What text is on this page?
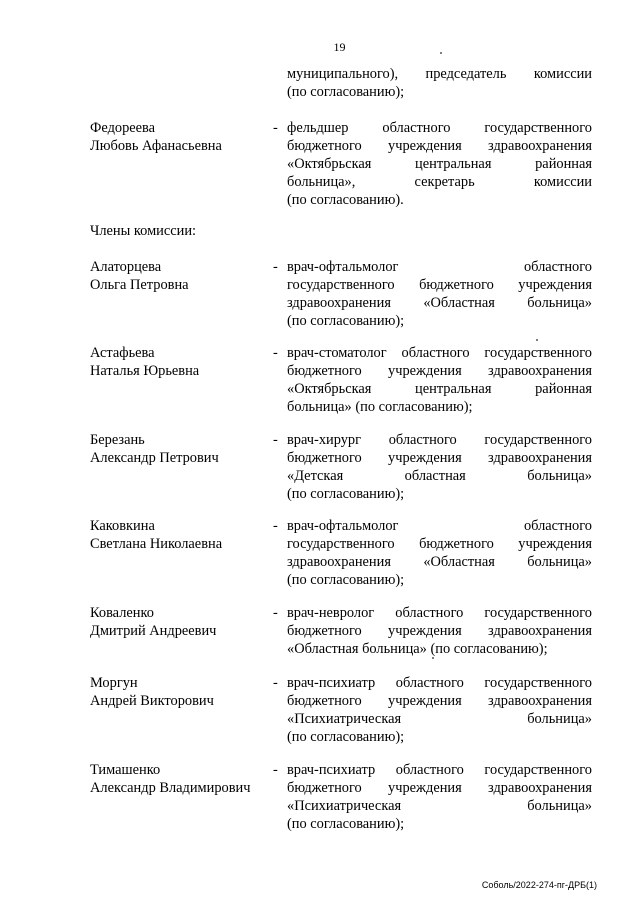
19
муниципального), председатель комиссии
(по согласованию);
Федореева
Любовь Афанасьевна
- фельдшер областного государственного
бюджетного учреждения здравоохранения
«Октябрьская центральная районная
больница», секретарь комиссии
(по согласованию).
Члены комиссии:
Алаторцева
Ольга Петровна
- врач-офтальмолог областного
государственного бюджетного учреждения
здравоохранения «Областная больница»
(по согласованию);
Астафьева
Наталья Юрьевна
- врач-стоматолог областного государственного
бюджетного учреждения здравоохранения
«Октябрьская центральная районная
больница» (по согласованию);
Березань
Александр Петрович
- врач-хирург областного государственного
бюджетного учреждения здравоохранения
«Детская областная больница»
(по согласованию);
Каковкина
Светлана Николаевна
- врач-офтальмолог областного
государственного бюджетного учреждения
здравоохранения «Областная больница»
(по согласованию);
Коваленко
Дмитрий Андреевич
- врач-невролог областного государственного
бюджетного учреждения здравоохранения
«Областная больница» (по согласованию);
Моргун
Андрей Викторович
- врач-психиатр областного государственного
бюджетного учреждения здравоохранения
«Психиатрическая больница»
(по согласованию);
Тимашенко
Александр Владимирович
- врач-психиатр областного государственного
бюджетного учреждения здравоохранения
«Психиатрическая больница»
(по согласованию);
Соболь/2022-274-пг-ДРБ(1)
